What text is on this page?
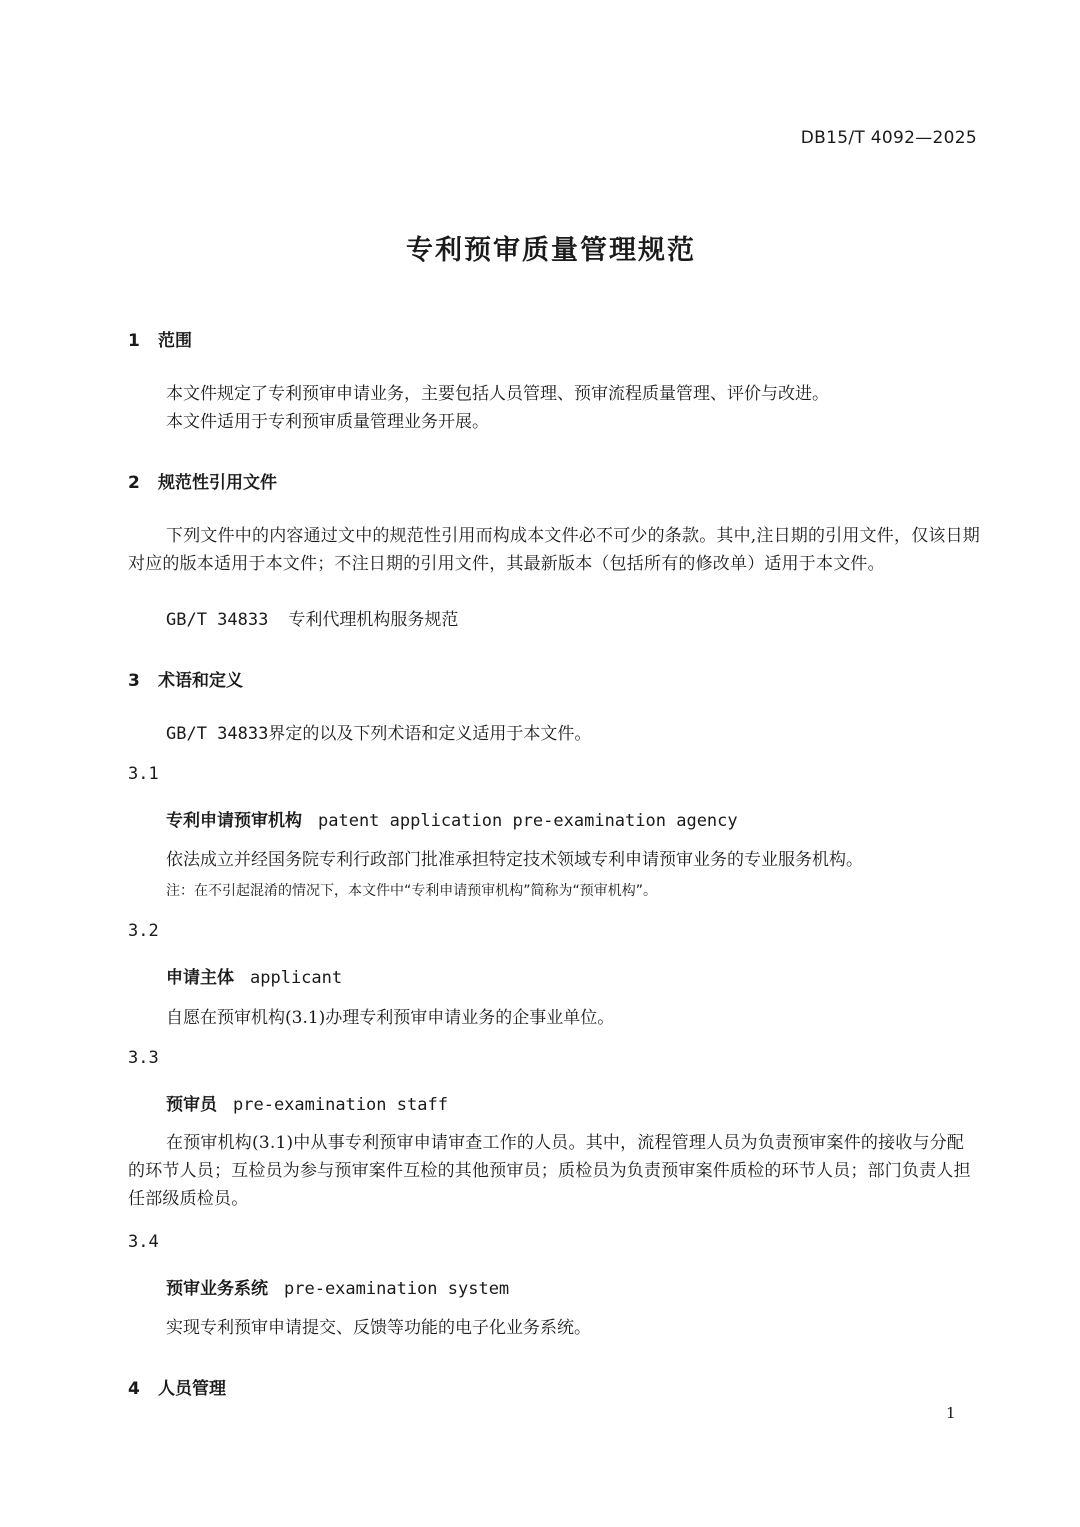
DB15/T 4092—2025
专利预审质量管理规范
1 范围
本文件规定了专利预审申请业务，主要包括人员管理、预审流程质量管理、评价与改进。
本文件适用于专利预审质量管理业务开展。
2 规范性引用文件
下列文件中的内容通过文中的规范性引用而构成本文件必不可少的条款。其中,注日期的引用文件，仅该日期对应的版本适用于本文件；不注日期的引用文件，其最新版本（包括所有的修改单）适用于本文件。
GB/T 34833 专利代理机构服务规范
3 术语和定义
GB/T 34833界定的以及下列术语和定义适用于本文件。
3.1
专利申请预审机构 patent application pre-examination agency
依法成立并经国务院专利行政部门批准承担特定技术领域专利申请预审业务的专业服务机构。
注：在不引起混淆的情况下，本文件中“专利申请预审机构”简称为“预审机构”。
3.2
申请主体 applicant
自愿在预审机构(3.1)办理专利预审申请业务的企事业单位。
3.3
预审员 pre-examination staff
在预审机构(3.1)中从事专利预审申请审查工作的人员。其中，流程管理人员为负责预审案件的接收与分配的环节人员；互检员为参与预审案件互检的其他预审员；质检员为负责预审案件质检的环节人员；部门负责人担任部级质检员。
3.4
预审业务系统 pre-examination system
实现专利预审申请提交、反馈等功能的电子化业务系统。
4 人员管理
1
